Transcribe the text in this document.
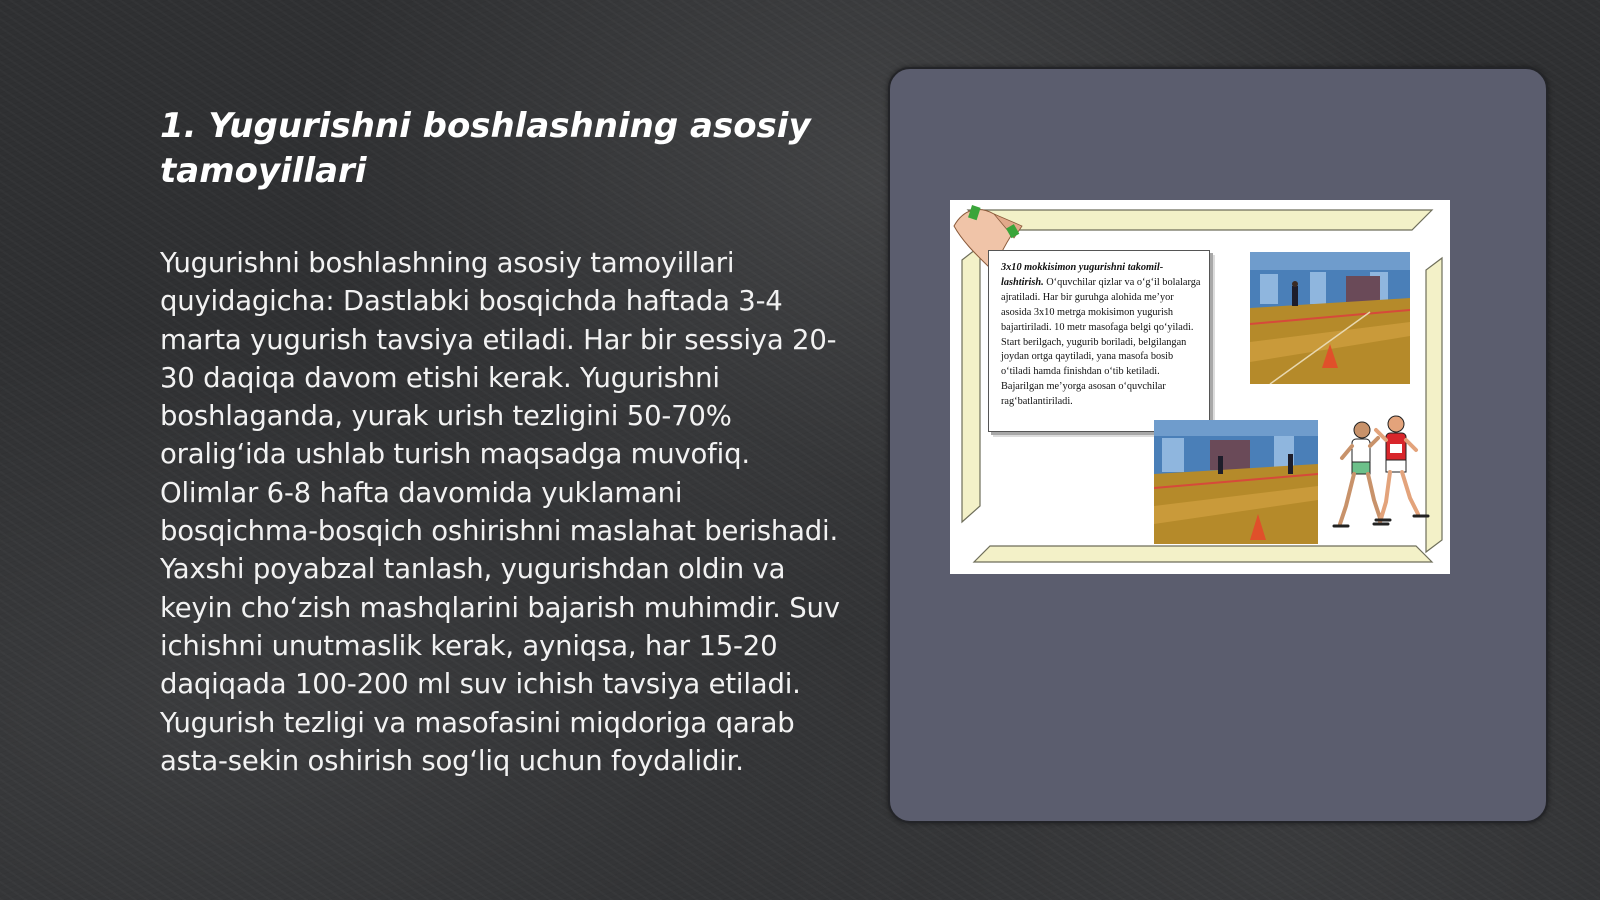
1. Yugurishni boshlashning asosiy tamoyillari

Yugurishni boshlashning asosiy tamoyillari quyidagicha: Dastlabki bosqichda haftada 3-4 marta yugurish tavsiya etiladi. Har bir sessiya 20-30 daqiqa davom etishi kerak. Yugurishni boshlaganda, yurak urish tezligini 50-70% oralig‘ida ushlab turish maqsadga muvofiq. Olimlar 6-8 hafta davomida yuklamani bosqichma-bosqich oshirishni maslahat berishadi. Yaxshi poyabzal tanlash, yugurishdan oldin va keyin cho‘zish mashqlarini bajarish muhimdir. Suv ichishni unutmaslik kerak, ayniqsa, har 15-20 daqiqada 100-200 ml suv ichish tavsiya etiladi. Yugurish tezligi va masofasini miqdoriga qarab asta-sekin oshirish sog‘liq uchun foydalidir.

3x10 mokkisimon yugurishni takomil-lashtirish. O‘quvchilar qizlar va o‘g‘il bolalarga ajratiladi. Har bir guruhga alohida me’yor asosida 3x10 metrga mokisimon yugurish bajartiriladi. 10 metr masofaga belgi qo‘yiladi. Start berilgach, yugurib boriladi, belgilangan joydan ortga qaytiladi, yana masofa bosib o‘tiladi hamda finishdan o‘tib ketiladi. Bajarilgan me’yorga asosan o‘quvchilar rag‘batlantiriladi.
